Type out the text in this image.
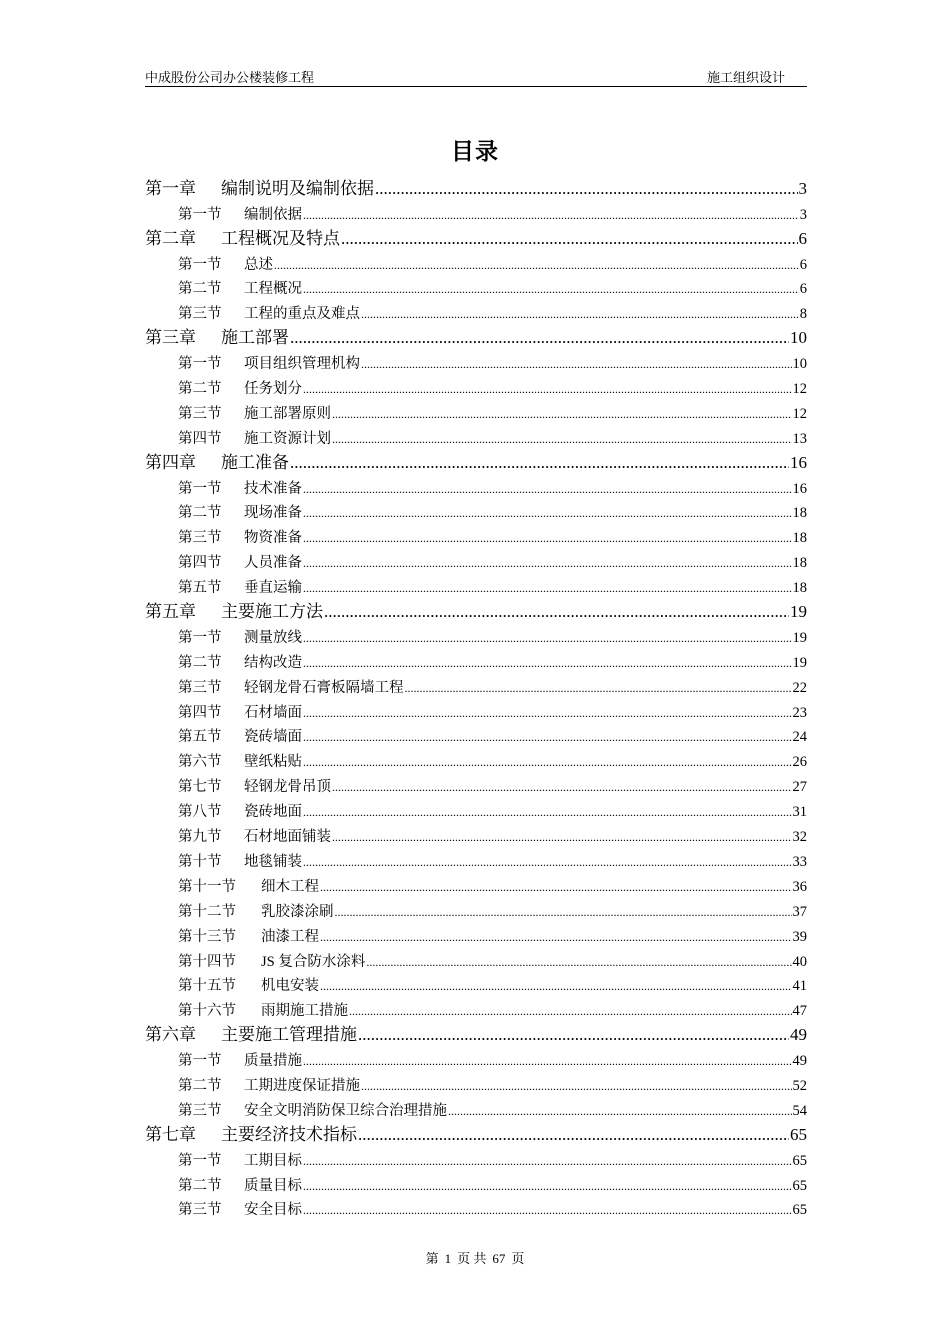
中成股份公司办公楼装修工程	施工组织设计
目录
第一章	编制说明及编制依据 .....	3
第一节	编制依据 .....	3
第二章	工程概况及特点 .....	6
第一节	总述 .....	6
第二节	工程概况 .....	6
第三节	工程的重点及难点 .....	8
第三章	施工部署 .....	10
第一节	项目组织管理机构 .....	10
第二节	任务划分 .....	12
第三节	施工部署原则 .....	12
第四节	施工资源计划 .....	13
第四章	施工准备 .....	16
第一节	技术准备 .....	16
第二节	现场准备 .....	18
第三节	物资准备 .....	18
第四节	人员准备 .....	18
第五节	垂直运输 .....	18
第五章	主要施工方法 .....	19
第一节	测量放线 .....	19
第二节	结构改造 .....	19
第三节	轻钢龙骨石膏板隔墙工程 .....	22
第四节	石材墙面 .....	23
第五节	瓷砖墙面 .....	24
第六节	壁纸粘贴 .....	26
第七节	轻钢龙骨吊顶 .....	27
第八节	瓷砖地面 .....	31
第九节	石材地面铺装 .....	32
第十节	地毯铺装 .....	33
第十一节	细木工程 .....	36
第十二节	乳胶漆涂刷 .....	37
第十三节	油漆工程 .....	39
第十四节	JS 复合防水涂料 .....	40
第十五节	机电安装 .....	41
第十六节	雨期施工措施 .....	47
第六章	主要施工管理措施 .....	49
第一节	质量措施 .....	49
第二节	工期进度保证措施 .....	52
第三节	安全文明消防保卫综合治理措施 .....	54
第七章	主要经济技术指标 .....	65
第一节	工期目标 .....	65
第二节	质量目标 .....	65
第三节	安全目标 .....	65
第 1 页 共 67 页
